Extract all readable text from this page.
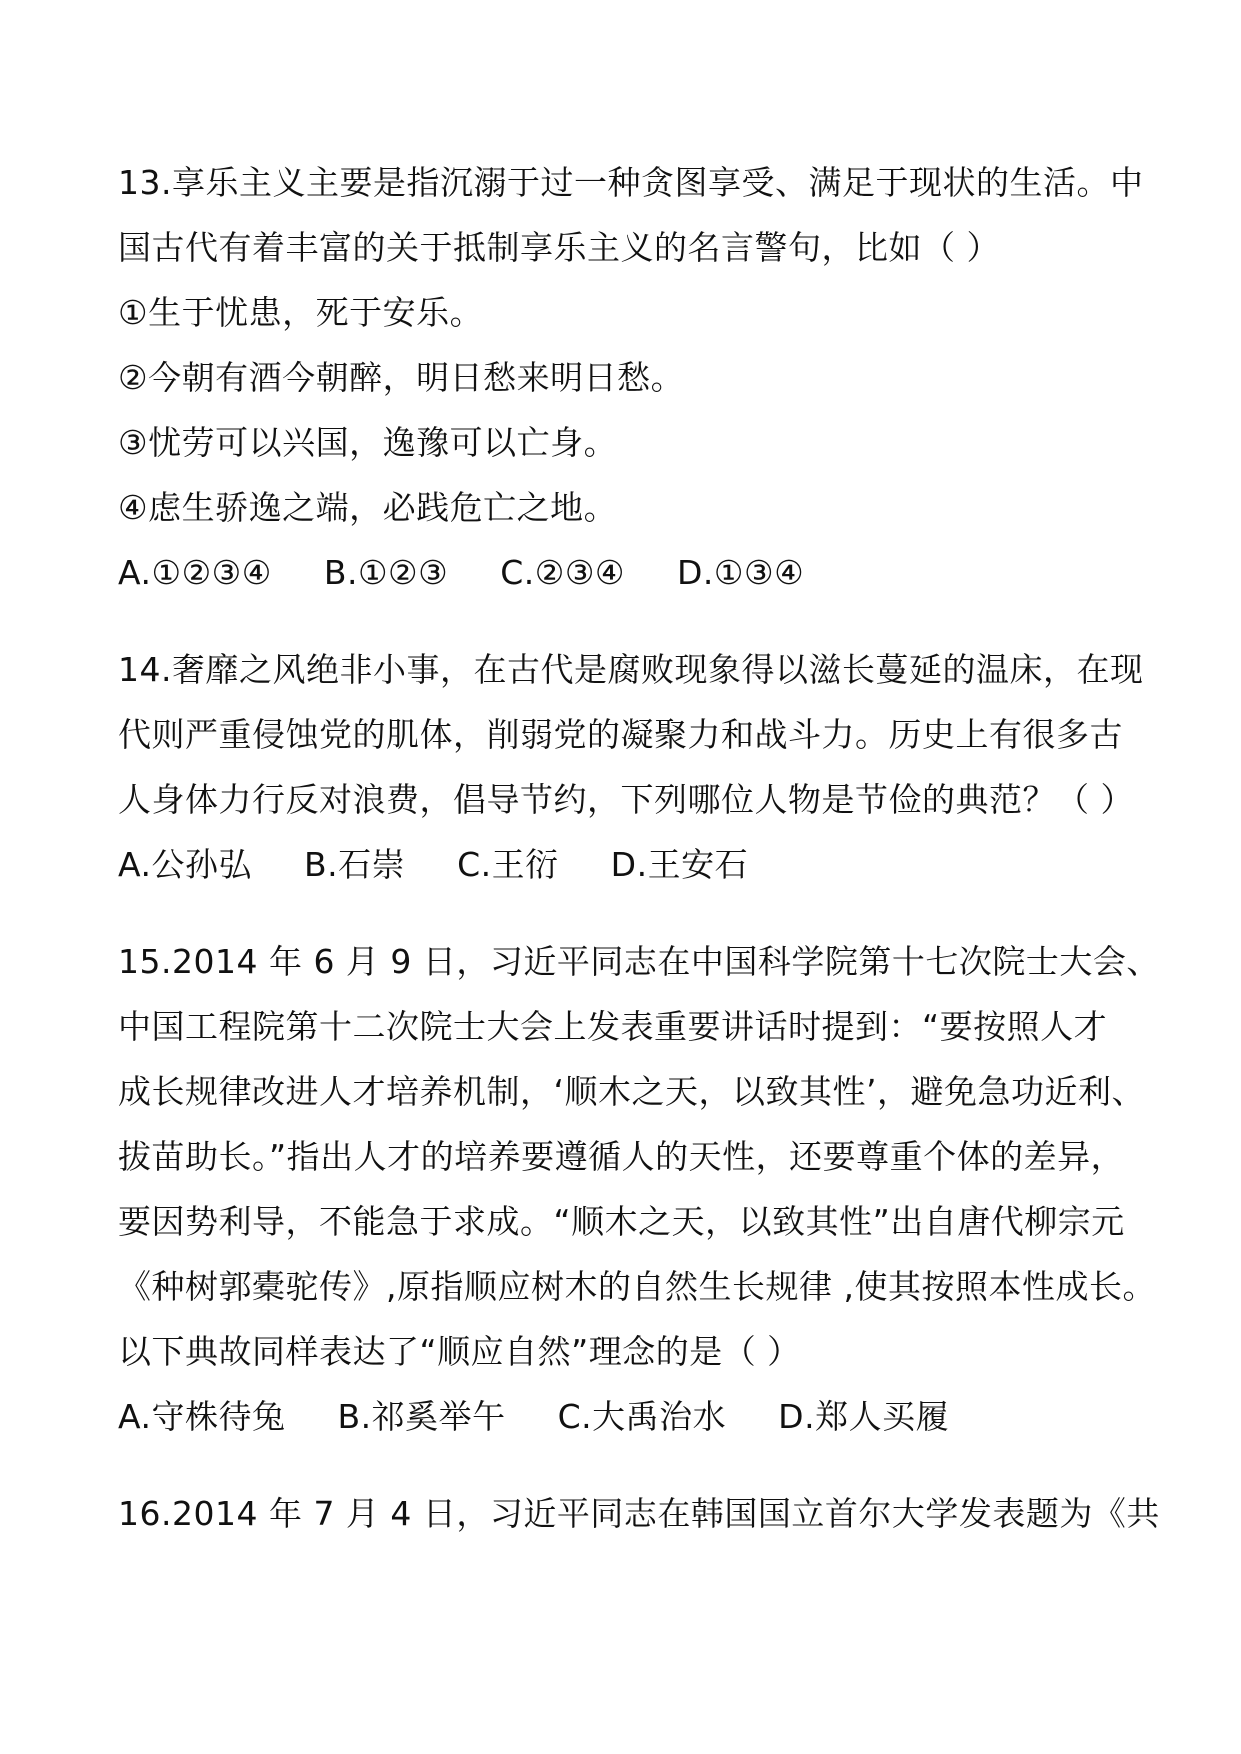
13.享乐主义主要是指沉溺于过一种贪图享受、满足于现状的生活。中
国古代有着丰富的关于抵制享乐主义的名言警句，比如（ ）
①生于忧患，死于安乐。
②今朝有酒今朝醉，明日愁来明日愁。
③忧劳可以兴国，逸豫可以亡身。
④虑生骄逸之端，必践危亡之地。
A.①②③④ B.①②③ C.②③④ D.①③④
14.奢靡之风绝非小事，在古代是腐败现象得以滋长蔓延的温床，在现
代则严重侵蚀党的肌体，削弱党的凝聚力和战斗力。历史上有很多古
人身体力行反对浪费，倡导节约，下列哪位人物是节俭的典范？（ ）
A.公孙弘 B.石崇 C.王衍 D.王安石
15.2014 年 6 月 9 日，习近平同志在中国科学院第十七次院士大会、
中国工程院第十二次院士大会上发表重要讲话时提到：“要按照人才
成长规律改进人才培养机制，‘顺木之天，以致其性’，避免急功近利、
拔苗助长。”指出人才的培养要遵循人的天性，还要尊重个体的差异，
要因势利导，不能急于求成。“顺木之天，以致其性”出自唐代柳宗元
《种树郭橐驼传》,原指顺应树木的自然生长规律 ,使其按照本性成长。
以下典故同样表达了“顺应自然”理念的是（ ）
A.守株待兔 B.祁奚举午 C.大禹治水 D.郑人买履
16.2014 年 7 月 4 日，习近平同志在韩国国立首尔大学发表题为《共
